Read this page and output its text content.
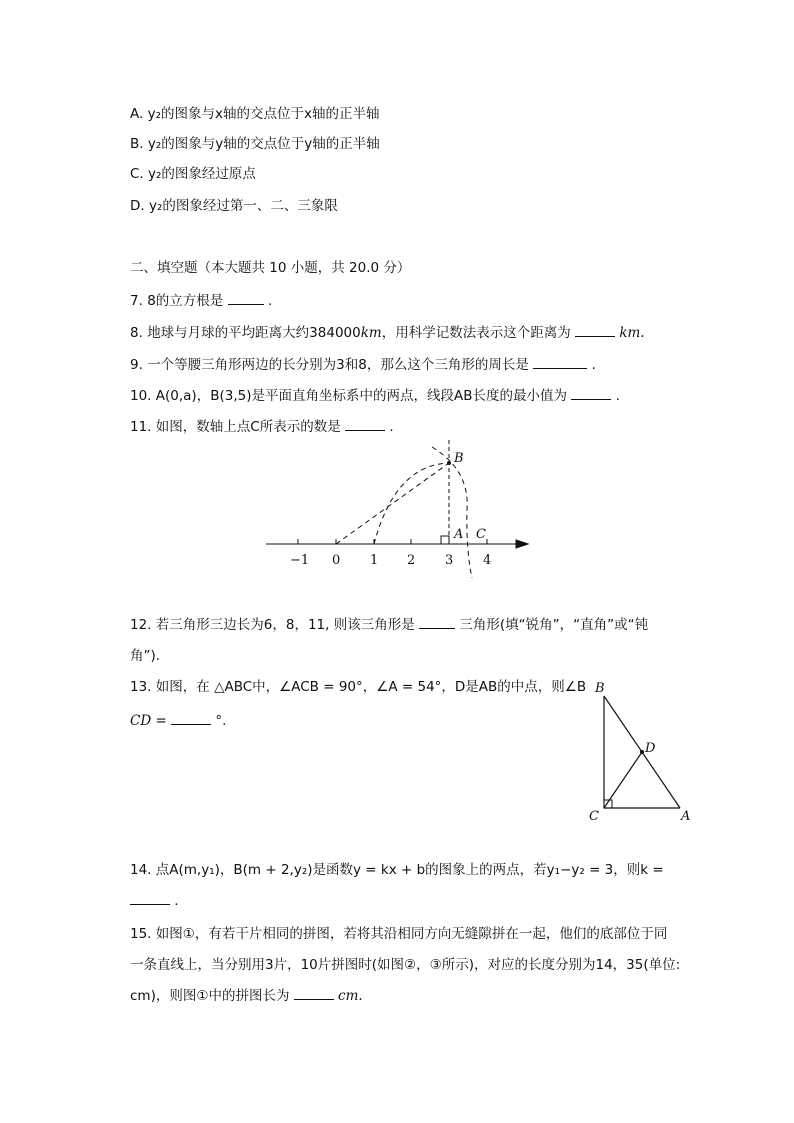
A. y₂的图象与x轴的交点位于x轴的正半轴
B. y₂的图象与y轴的交点位于y轴的正半轴
C. y₂的图象经过原点
D. y₂的图象经过第一、二、三象限
二、填空题（本大题共 10 小题，共 20.0 分）
7. 8的立方根是	.
8. 地球与月球的平均距离大约384000km，用科学记数法表示这个距离为	km.
9. 一个等腰三角形两边的长分别为3和8，那么这个三角形的周长是	.
10. A(0,a)，B(3,5)是平面直角坐标系中的两点，线段AB长度的最小值为	.
11. 如图，数轴上点C所表示的数是	.
−1 0 1 2 3 4
B
A C
B
D
C	A
12. 若三角形三边长为6，8，11, 则该三角形是	三角形(填“锐角”，“直角”或“钝
角”).
13. 如图，在 △ABC中，∠ACB = 90°，∠A = 54°，D是AB的中点，则∠B
CD =	°.
14. 点A(m,y₁)，B(m + 2,y₂)是函数y = kx + b的图象上的两点，若y₁−y₂ = 3，则k =
.
15. 如图①，有若干片相同的拼图，若将其沿相同方向无缝隙拼在一起，他们的底部位于同
一条直线上，当分别用3片，10片拼图时(如图②，③所示)，对应的长度分别为14，35(单位:
cm)，则图①中的拼图长为	cm.
